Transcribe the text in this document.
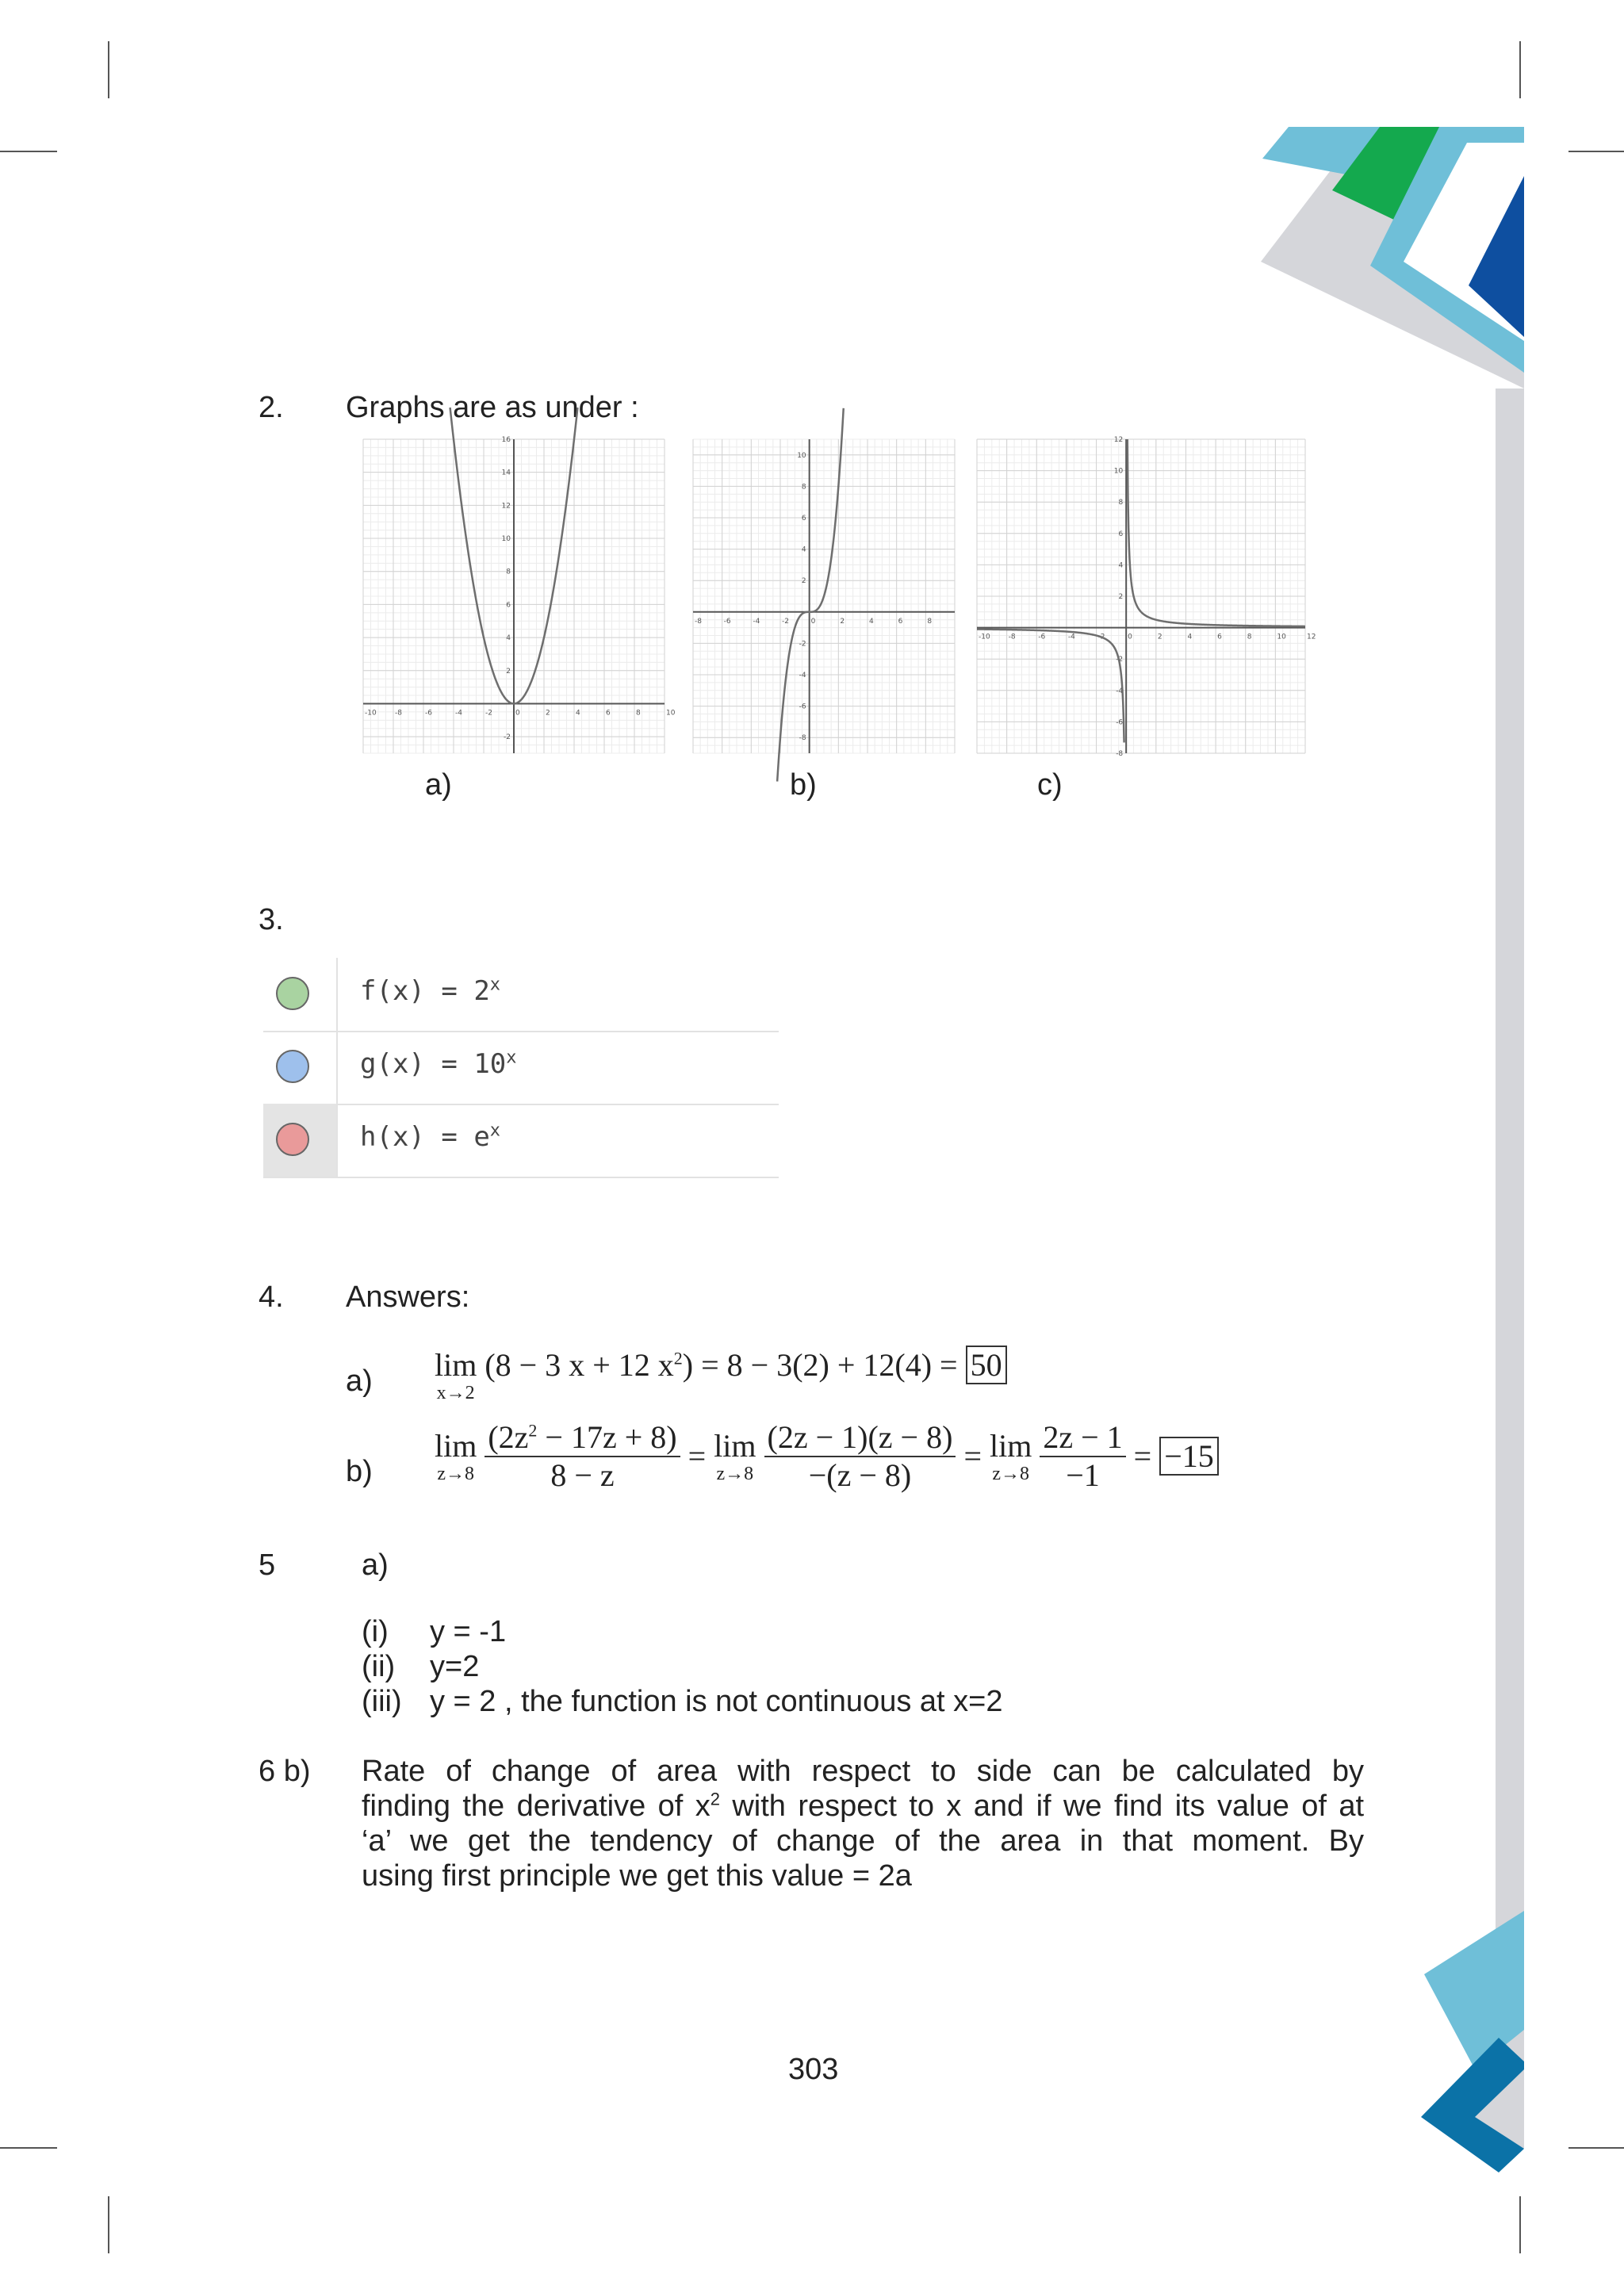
2. Graphs are as under :
-10	-8	-6	-4	-2	0	2	4	6	8	10
-2
2
4
6
8
10
12
14
16
-8	-6	-4	-2	0	2	4	6	8
-8
-6
-4
-2
2
4
6
8
10
-10	-8	-6	-4	-2	0	2	4	6	8	10	12
-8
-6
-4
-2
2
4
6
8
10
12
a)	b)	c)
3.
$f(x) = 2^x$
$g(x) = 10^x$
$h(x) = e^x$
4. Answers:
a) lim
x→2
(8 − 3 x + 12 $x^2) = 8 - 3(2) + 12(4) = 50$
b)
lim
z→8
$\frac{(2z^2 - 17z + 8)}{8 - z} = \lim$
z→8
$\frac{(2z - 1)(z - 8)}{-(z - 8)} = \lim$
z→8
$\frac{2z - 1}{-1} = -15$
5	a)
(i) y = -1
(ii) y=2
(iii) y = 2 , the function is not continuous at x=2
6 b) Rate of change of area with respect to side can be calculated by
finding the derivative of $x^2$ with respect to x and if we find its value of at
‘a’ we get the tendency of change of the area in that moment. By
using first principle we get this value = 2a
303
